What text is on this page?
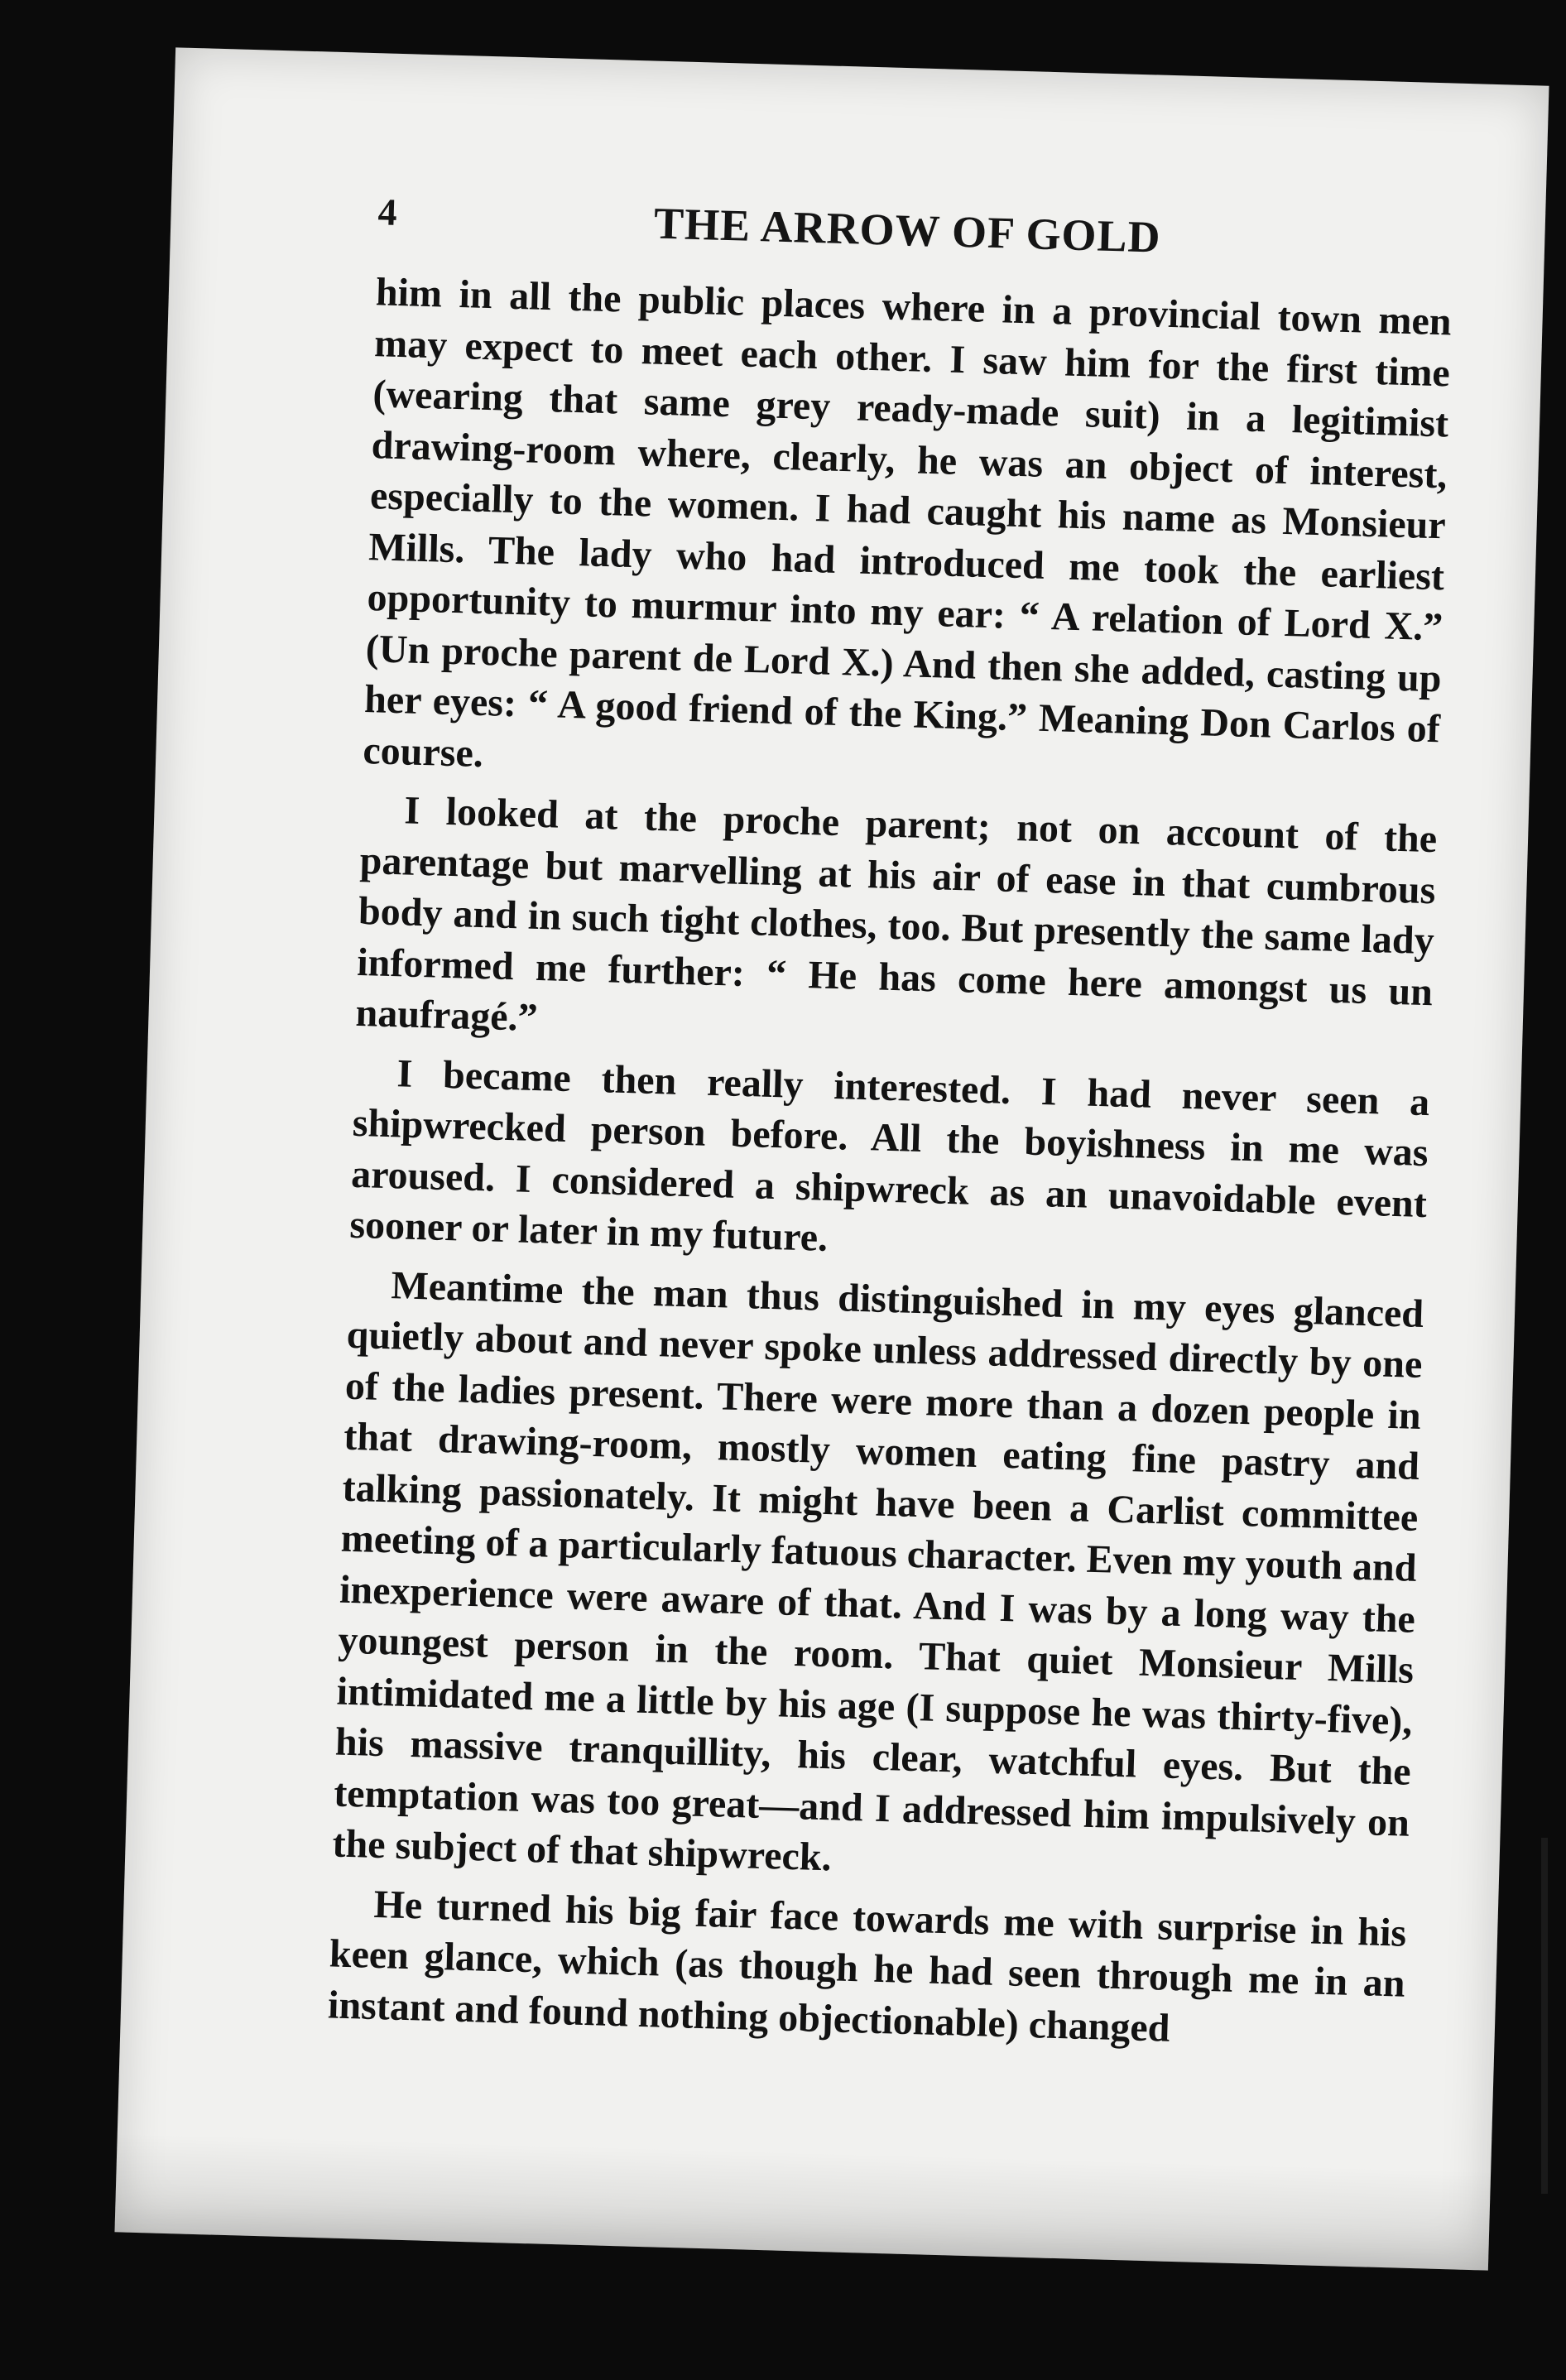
4	THE ARROW OF GOLD

him in all the public places where in a provincial town men may expect to meet each other. I saw him for the first time (wearing that same grey ready-made suit) in a legitimist drawing-room where, clearly, he was an object of interest, especially to the women. I had caught his name as Monsieur Mills. The lady who had introduced me took the earliest opportunity to murmur into my ear: “ A relation of Lord X.” (Un proche parent de Lord X.) And then she added, casting up her eyes: “ A good friend of the King.” Meaning Don Carlos of course.

I looked at the proche parent; not on account of the parentage but marvelling at his air of ease in that cumbrous body and in such tight clothes, too. But presently the same lady informed me further: “ He has come here amongst us un naufragé.”

I became then really interested. I had never seen a shipwrecked person before. All the boyishness in me was aroused. I considered a shipwreck as an unavoidable event sooner or later in my future.

Meantime the man thus distinguished in my eyes glanced quietly about and never spoke unless addressed directly by one of the ladies present. There were more than a dozen people in that drawing-room, mostly women eating fine pastry and talking passionately. It might have been a Carlist committee meeting of a particularly fatuous character. Even my youth and inexperience were aware of that. And I was by a long way the youngest person in the room. That quiet Monsieur Mills intimidated me a little by his age (I suppose he was thirty-five), his massive tranquillity, his clear, watchful eyes. But the temptation was too great—and I addressed him impulsively on the subject of that shipwreck.

He turned his big fair face towards me with surprise in his keen glance, which (as though he had seen through me in an instant and found nothing objectionable) changed
